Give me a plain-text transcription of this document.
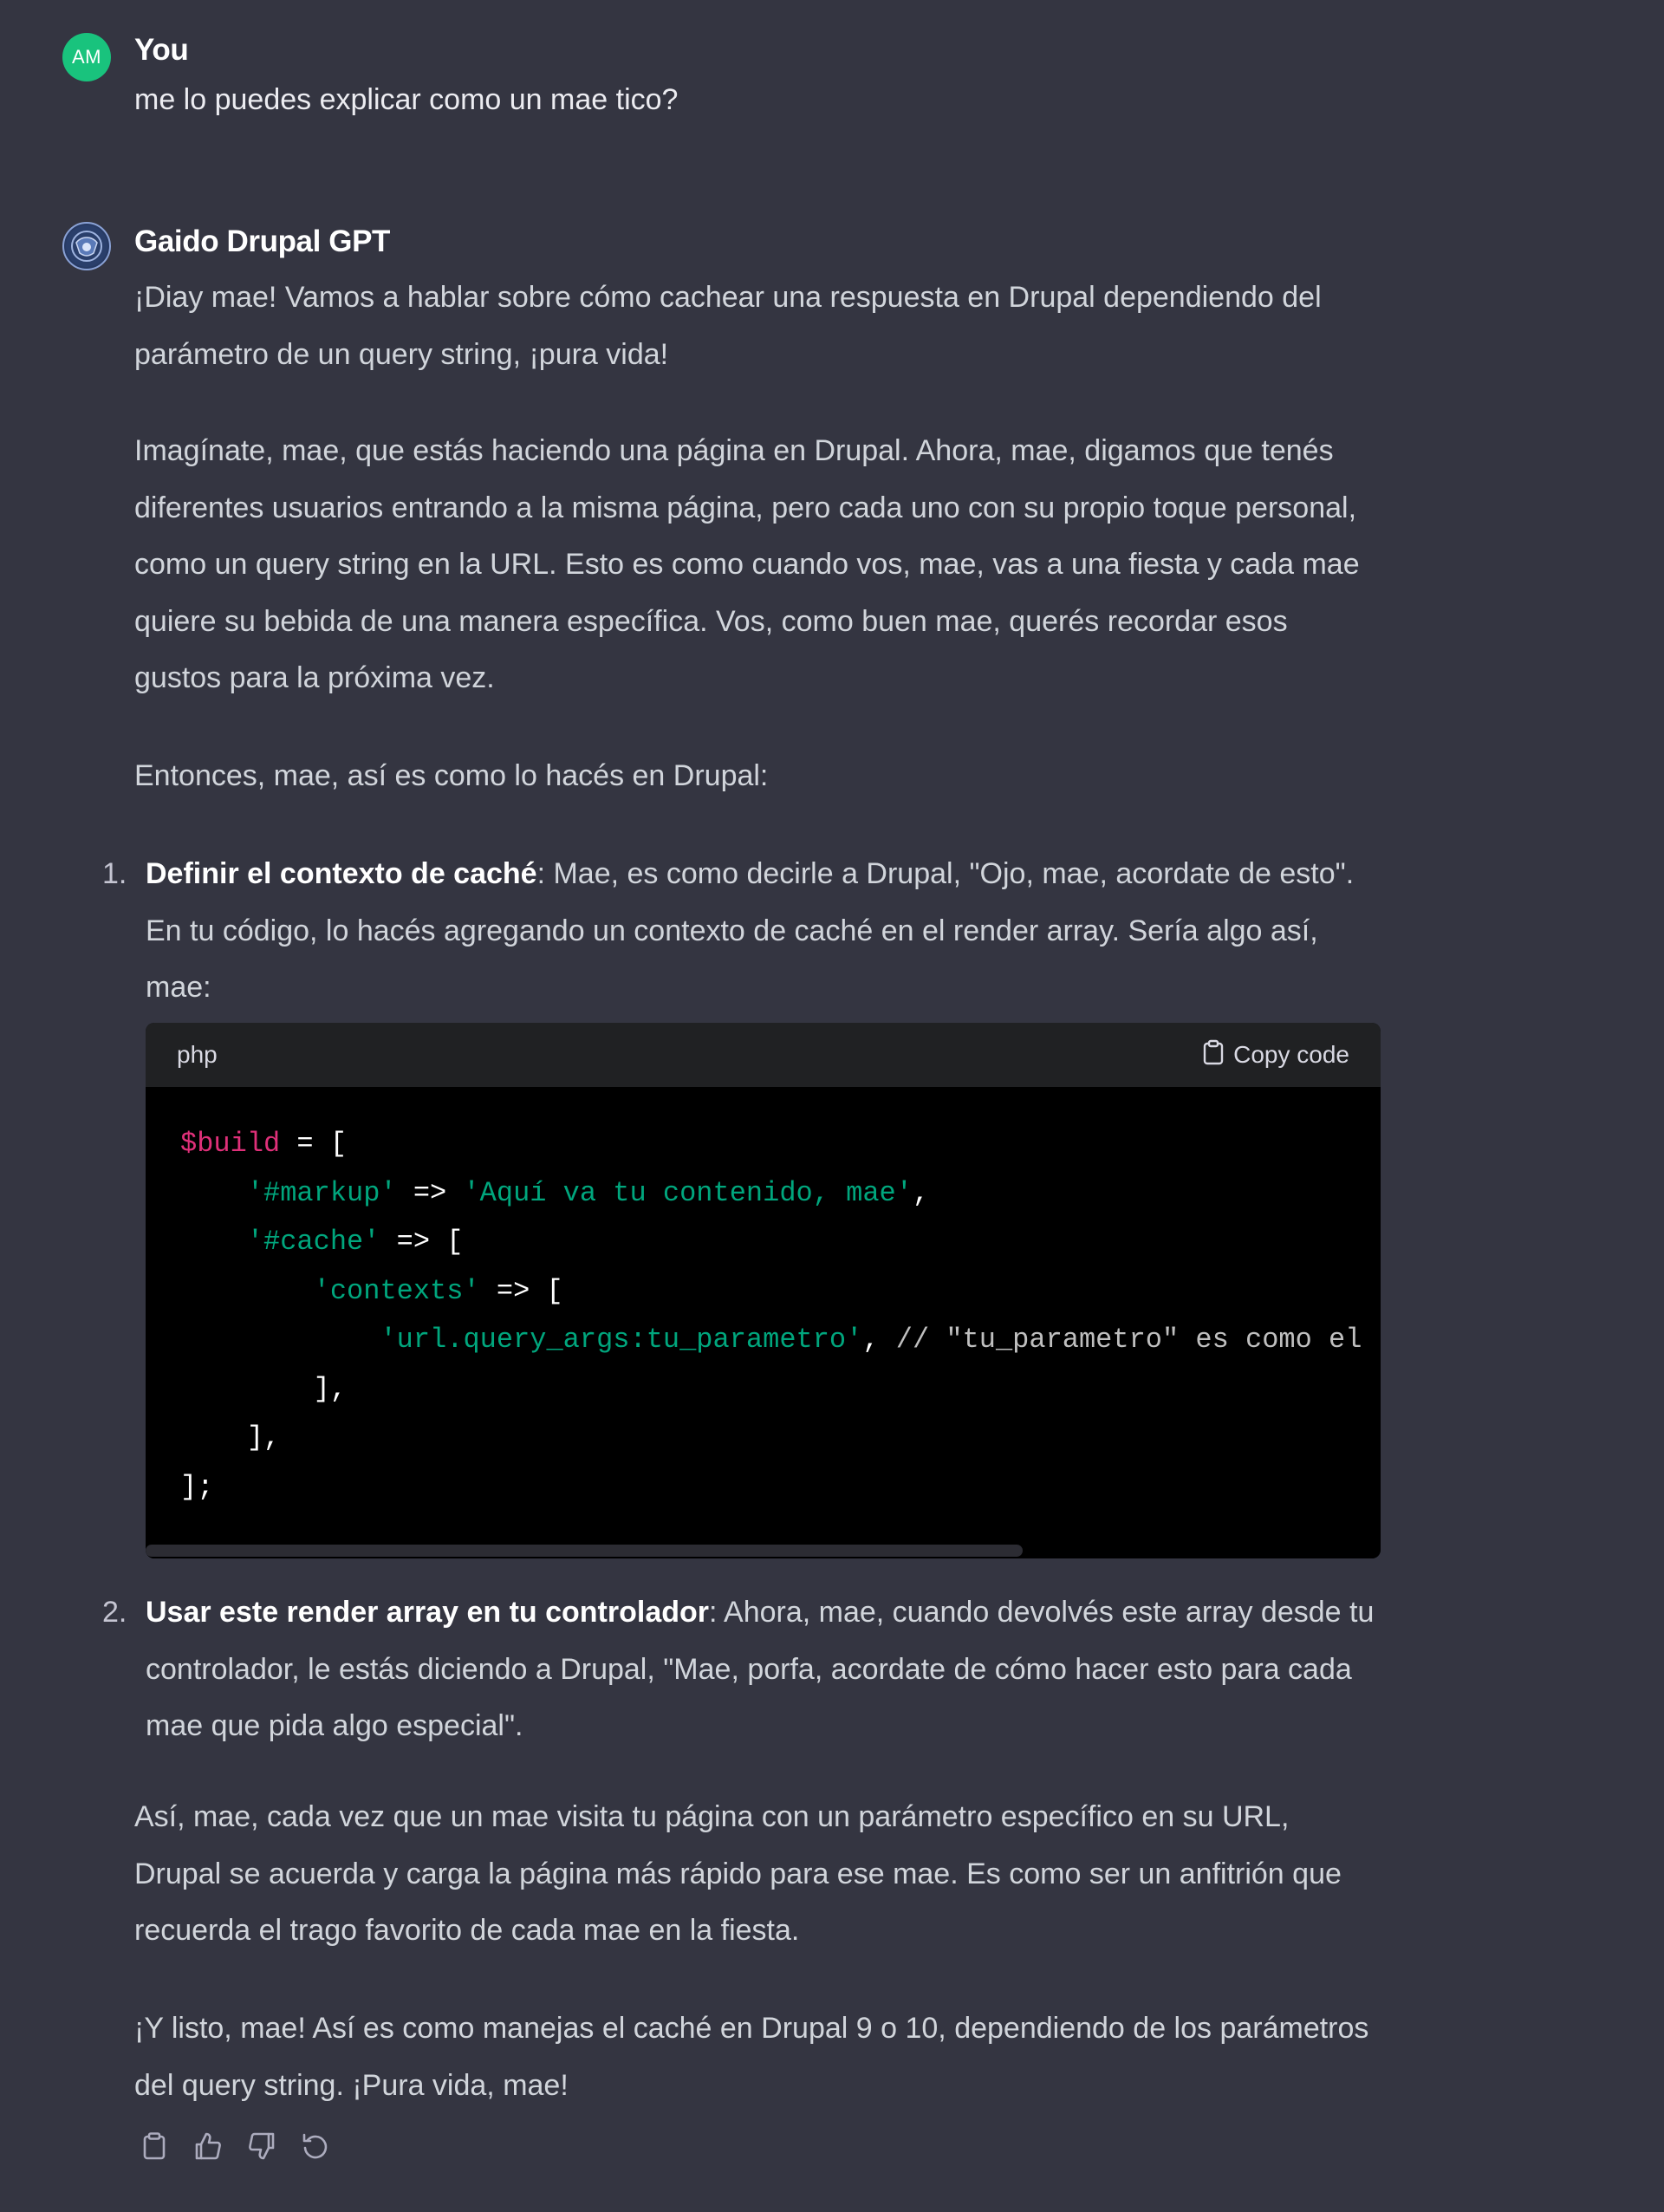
AM You
me lo puedes explicar como un mae tico?
Gaido Drupal GPT
¡Diay mae! Vamos a hablar sobre cómo cachear una respuesta en Drupal dependiendo del parámetro de un query string, ¡pura vida!
Imagínate, mae, que estás haciendo una página en Drupal. Ahora, mae, digamos que tenés diferentes usuarios entrando a la misma página, pero cada uno con su propio toque personal, como un query string en la URL. Esto es como cuando vos, mae, vas a una fiesta y cada mae quiere su bebida de una manera específica. Vos, como buen mae, querés recordar esos gustos para la próxima vez.
Entonces, mae, así es como lo hacés en Drupal:
1. Definir el contexto de caché: Mae, es como decirle a Drupal, "Ojo, mae, acordate de esto". En tu código, lo hacés agregando un contexto de caché en el render array. Sería algo así, mae:
php	Copy code
$build = [
'#markup' => 'Aquí va tu contenido, mae',
'#cache' => [
'contexts' => [
'url.query_args:tu_parametro', // "tu_parametro" es como el
],
],
];
2. Usar este render array en tu controlador: Ahora, mae, cuando devolvés este array desde tu controlador, le estás diciendo a Drupal, "Mae, porfa, acordate de cómo hacer esto para cada mae que pida algo especial".
Así, mae, cada vez que un mae visita tu página con un parámetro específico en su URL, Drupal se acuerda y carga la página más rápido para ese mae. Es como ser un anfitrión que recuerda el trago favorito de cada mae en la fiesta.
¡Y listo, mae! Así es como manejas el caché en Drupal 9 o 10, dependiendo de los parámetros del query string. ¡Pura vida, mae!
